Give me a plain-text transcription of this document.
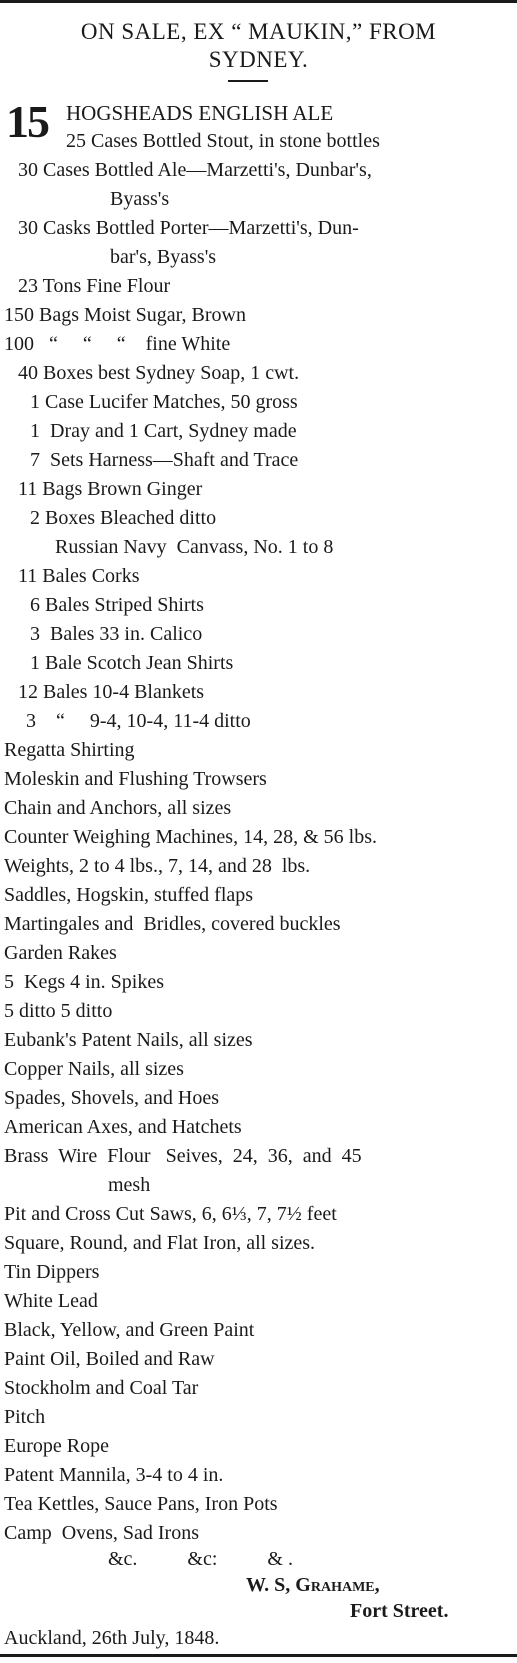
ON SALE, EX “ MAUKIN,” FROM
SYDNEY.
15 HOGSHEADS ENGLISH ALE
25 Cases Bottled Stout, in stone bottles
30 Cases Bottled Ale—Marzetti's, Dunbar's,
Byass's
30 Casks Bottled Porter—Marzetti's, Dun-
bar's, Byass's
23 Tons Fine Flour
150 Bags Moist Sugar, Brown
100   “     “     “    fine White
40 Boxes best Sydney Soap, 1 cwt.
1 Case Lucifer Matches, 50 gross
1  Dray and 1 Cart, Sydney made
7  Sets Harness—Shaft and Trace
11 Bags Brown Ginger
2 Boxes Bleached ditto
Russian Navy  Canvass, No. 1 to 8
11 Bales Corks
6 Bales Striped Shirts
3  Bales 33 in. Calico
1 Bale Scotch Jean Shirts
12 Bales 10-4 Blankets
3    “     9-4, 10-4, 11-4 ditto
Regatta Shirting
Moleskin and Flushing Trowsers
Chain and Anchors, all sizes
Counter Weighing Machines, 14, 28, & 56 lbs.
Weights, 2 to 4 lbs., 7, 14, and 28  lbs.
Saddles, Hogskin, stuffed flaps
Martingales and  Bridles, covered buckles
Garden Rakes
5  Kegs 4 in. Spikes
5 ditto 5 ditto
Eubank's Patent Nails, all sizes
Copper Nails, all sizes
Spades, Shovels, and Hoes
American Axes, and Hatchets
Brass  Wire  Flour   Seives,  24,  36,  and  45
mesh
Pit and Cross Cut Saws, 6, 6⅓, 7, 7½ feet
Square, Round, and Flat Iron, all sizes.
Tin Dippers
White Lead
Black, Yellow, and Green Paint
Paint Oil, Boiled and Raw
Stockholm and Coal Tar
Pitch
Europe Rope
Patent Mannila, 3-4 to 4 in.
Tea Kettles, Sauce Pans, Iron Pots
Camp  Ovens, Sad Irons
&c.          &c:          & .
W. S, Grahame,
Fort Street.
Auckland, 26th July, 1848.
